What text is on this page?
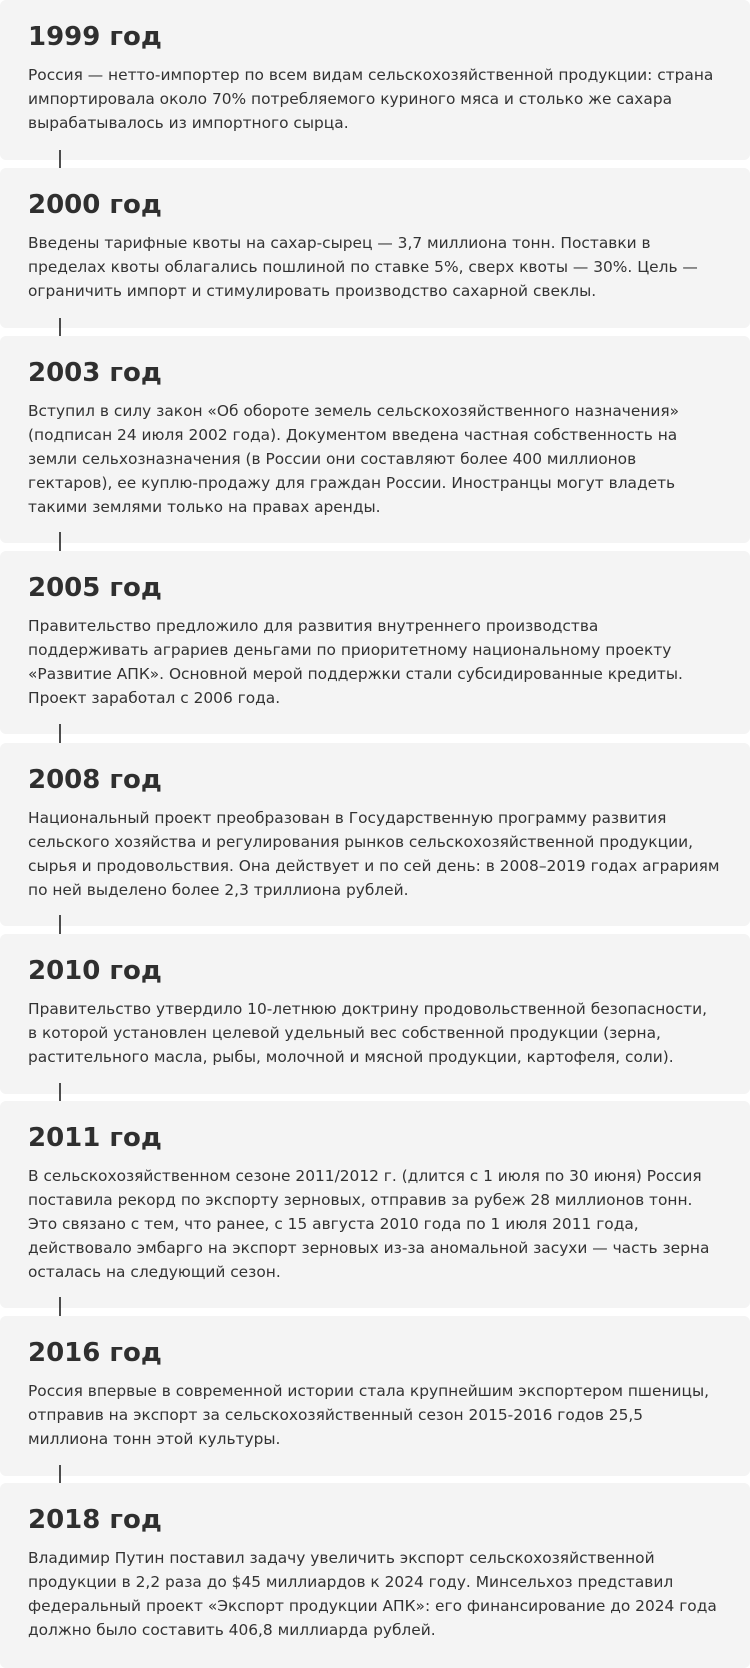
1999 год

Россия — нетто-импортер по всем видам сельскохозяйственной продукции: страна импортировала около 70% потребляемого куриного мяса и столько же сахара вырабатывалось из импортного сырца.

2000 год

Введены тарифные квоты на сахар-сырец — 3,7 миллиона тонн. Поставки в пределах квоты облагались пошлиной по ставке 5%, сверх квоты — 30%. Цель — ограничить импорт и стимулировать производство сахарной свеклы.

2003 год

Вступил в силу закон «Об обороте земель сельскохозяйственного назначения» (подписан 24 июля 2002 года). Документом введена частная собственность на земли сельхозназначения (в России они составляют более 400 миллионов гектаров), ее куплю-продажу для граждан России. Иностранцы могут владеть такими землями только на правах аренды.

2005 год

Правительство предложило для развития внутреннего производства поддерживать аграриев деньгами по приоритетному национальному проекту «Развитие АПК». Основной мерой поддержки стали субсидированные кредиты. Проект заработал с 2006 года.

2008 год

Национальный проект преобразован в Государственную программу развития сельского хозяйства и регулирования рынков сельскохозяйственной продукции, сырья и продовольствия. Она действует и по сей день: в 2008–2019 годах аграриям по ней выделено более 2,3 триллиона рублей.

2010 год

Правительство утвердило 10-летнюю доктрину продовольственной безопасности, в которой установлен целевой удельный вес собственной продукции (зерна, растительного масла, рыбы, молочной и мясной продукции, картофеля, соли).

2011 год

В сельскохозяйственном сезоне 2011/2012 г. (длится с 1 июля по 30 июня) Россия поставила рекорд по экспорту зерновых, отправив за рубеж 28 миллионов тонн. Это связано с тем, что ранее, с 15 августа 2010 года по 1 июля 2011 года, действовало эмбарго на экспорт зерновых из-за аномальной засухи — часть зерна осталась на следующий сезон.

2016 год

Россия впервые в современной истории стала крупнейшим экспортером пшеницы, отправив на экспорт за сельскохозяйственный сезон 2015-2016 годов 25,5 миллиона тонн этой культуры.

2018 год

Владимир Путин поставил задачу увеличить экспорт сельскохозяйственной продукции в 2,2 раза до $45 миллиардов к 2024 году. Минсельхоз представил федеральный проект «Экспорт продукции АПК»: его финансирование до 2024 года должно было составить 406,8 миллиарда рублей.
